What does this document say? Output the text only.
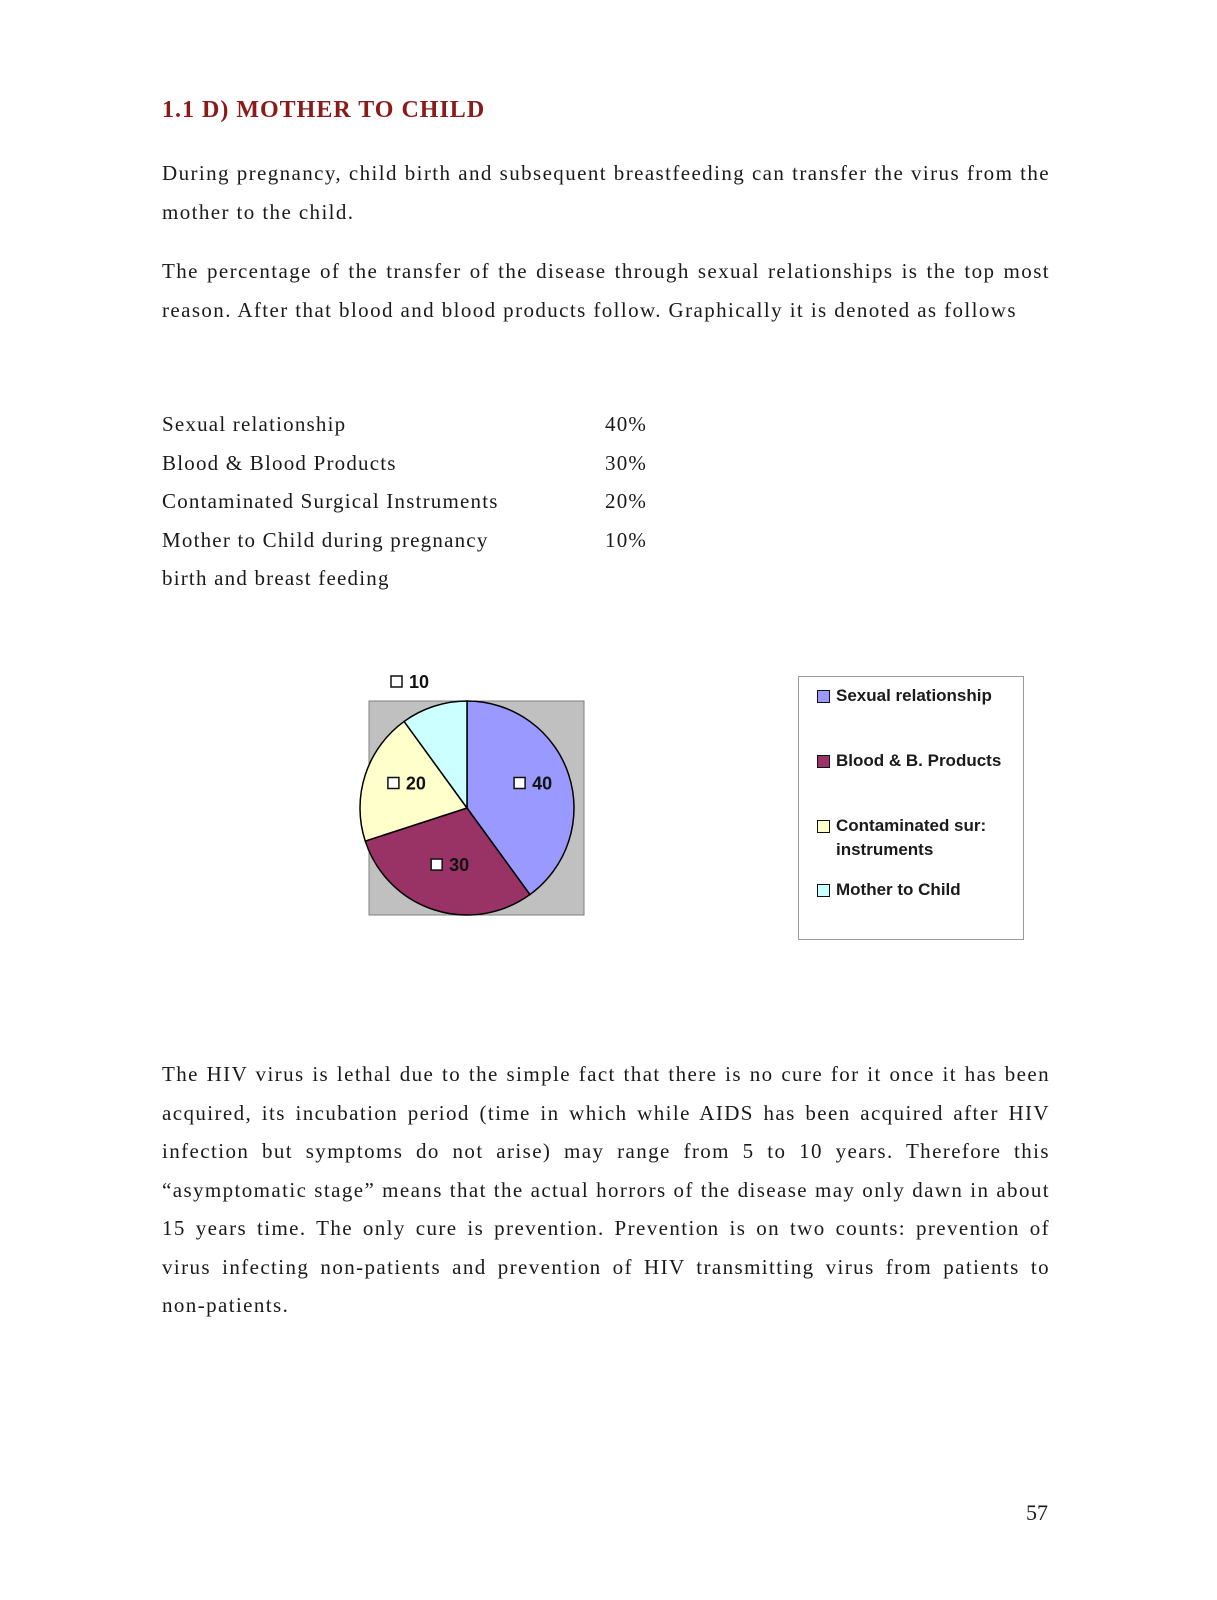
1.1 D) MOTHER TO CHILD

During pregnancy, child birth and subsequent breastfeeding can transfer the virus from the mother to the child.

The percentage of the transfer of the disease through sexual relationships is the top most reason. After that blood and blood products follow. Graphically it is denoted as follows

Sexual relationship	40%
Blood & Blood Products	30%
Contaminated Surgical Instruments	20%
Mother to Child during pregnancy	10%
birth and breast feeding
40
30
20
10
Sexual relationship
Blood & B. Products
Contaminated sur:
instruments
Mother to Child

The HIV virus is lethal due to the simple fact that there is no cure for it once it has been acquired, its incubation period (time in which while AIDS has been acquired after HIV infection but symptoms do not arise) may range from 5 to 10 years. Therefore this “asymptomatic stage” means that the actual horrors of the disease may only dawn in about 15 years time. The only cure is prevention. Prevention is on two counts: prevention of virus infecting non-patients and prevention of HIV transmitting virus from patients to non-patients.

57
